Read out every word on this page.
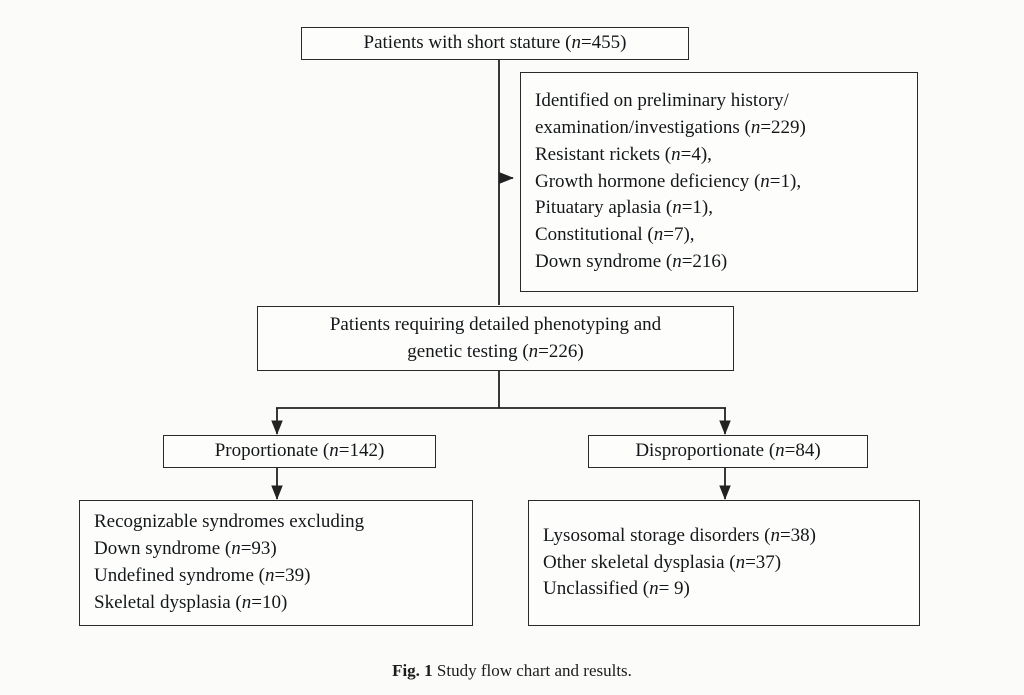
Patients with short stature (n=455)
Identified on preliminary history/
examination/investigations (n=229)
Resistant rickets (n=4),
Growth hormone deficiency (n=1),
Pituatary aplasia (n=1),
Constitutional (n=7),
Down syndrome (n=216)
Patients requiring detailed phenotyping and
genetic testing (n=226)
Proportionate (n=142)	Disproportionate (n=84)
Recognizable syndromes excluding
Down syndrome (n=93)
Undefined syndrome (n=39)
Skeletal dysplasia (n=10)
Lysosomal storage disorders (n=38)
Other skeletal dysplasia (n=37)
Unclassified (n= 9)
Fig. 1 Study flow chart and results.
